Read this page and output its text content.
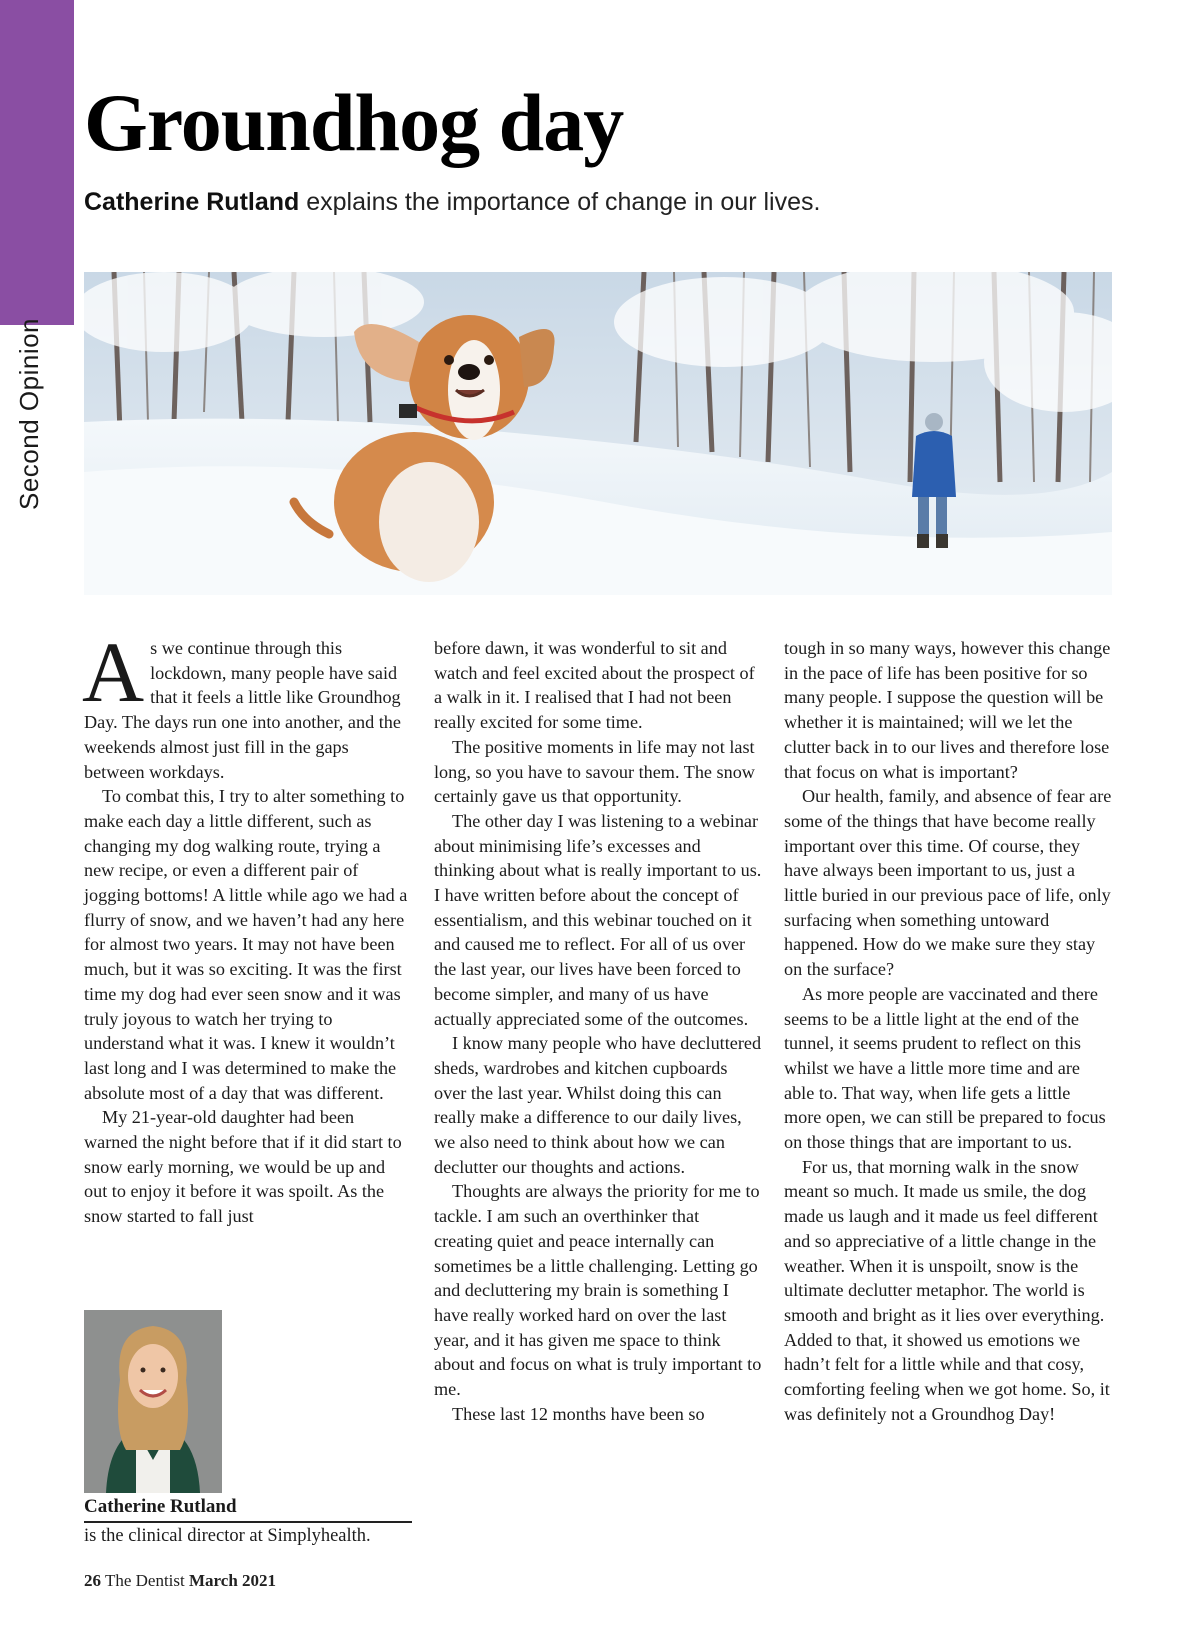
Second Opinion
Groundhog day

Catherine Rutland explains the importance of change in our lives.

As we continue through this lockdown, many people have said that it feels a little like Groundhog Day. The days run one into another, and the weekends almost just fill in the gaps between workdays.

To combat this, I try to alter something to make each day a little different, such as changing my dog walking route, trying a new recipe, or even a different pair of jogging bottoms! A little while ago we had a flurry of snow, and we haven’t had any here for almost two years. It may not have been much, but it was so exciting. It was the first time my dog had ever seen snow and it was truly joyous to watch her trying to understand what it was. I knew it wouldn’t last long and I was determined to make the absolute most of a day that was different.

My 21-year-old daughter had been warned the night before that if it did start to snow early morning, we would be up and out to enjoy it before it was spoilt. As the snow started to fall just

before dawn, it was wonderful to sit and watch and feel excited about the prospect of a walk in it. I realised that I had not been really excited for some time.

The positive moments in life may not last long, so you have to savour them. The snow certainly gave us that opportunity.

The other day I was listening to a webinar about minimising life’s excesses and thinking about what is really important to us. I have written before about the concept of essentialism, and this webinar touched on it and caused me to reflect. For all of us over the last year, our lives have been forced to become simpler, and many of us have actually appreciated some of the outcomes.

I know many people who have decluttered sheds, wardrobes and kitchen cupboards over the last year. Whilst doing this can really make a difference to our daily lives, we also need to think about how we can declutter our thoughts and actions.

Thoughts are always the priority for me to tackle. I am such an overthinker that creating quiet and peace internally can sometimes be a little challenging. Letting go and decluttering my brain is something I have really worked hard on over the last year, and it has given me space to think about and focus on what is truly important to me.

These last 12 months have been so

tough in so many ways, however this change in the pace of life has been positive for so many people. I suppose the question will be whether it is maintained; will we let the clutter back in to our lives and therefore lose that focus on what is important?

Our health, family, and absence of fear are some of the things that have become really important over this time. Of course, they have always been important to us, just a little buried in our previous pace of life, only surfacing when something untoward happened. How do we make sure they stay on the surface?

As more people are vaccinated and there seems to be a little light at the end of the tunnel, it seems prudent to reflect on this whilst we have a little more time and are able to. That way, when life gets a little more open, we can still be prepared to focus on those things that are important to us.

For us, that morning walk in the snow meant so much. It made us smile, the dog made us laugh and it made us feel different and so appreciative of a little change in the weather. When it is unspoilt, snow is the ultimate declutter metaphor. The world is smooth and bright as it lies over everything. Added to that, it showed us emotions we hadn’t felt for a little while and that cosy, comforting feeling when we got home. So, it was definitely not a Groundhog Day!

Catherine Rutland
is the clinical director at Simplyhealth.
26 The Dentist March 2021
